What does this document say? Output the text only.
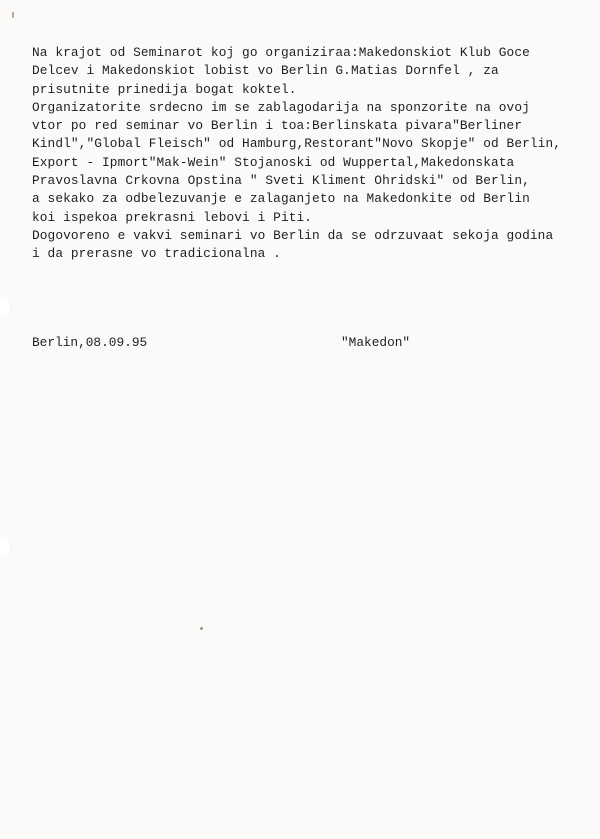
Na krajot od Seminarot koj go organiziraa:Makedonskiot Klub Goce
Delcev i Makedonskiot lobist vo Berlin G.Matias Dornfel , za
prisutnite prinedija bogat koktel.
Organizatorite srdecno im se zablagodarija na sponzorite na ovoj
vtor po red seminar vo Berlin i toa:Berlinskata pivara"Berliner
Kindl","Global Fleisch" od Hamburg,Restorant"Novo Skopje" od Berlin,
Export - Ipmort"Mak-Wein" Stojanoski od Wuppertal,Makedonskata
Pravoslavna Crkovna Opstina " Sveti Kliment Ohridski" od Berlin,
a sekako za odbelezuvanje e zalaganjeto na Makedonkite od Berlin
koi ispekoa prekrasni lebovi i Piti.
Dogovoreno e vakvi seminari vo Berlin da se odrzuvaat sekoja godina
i da prerasne vo tradicionalna .
Berlin,08.09.95	"Makedon"
